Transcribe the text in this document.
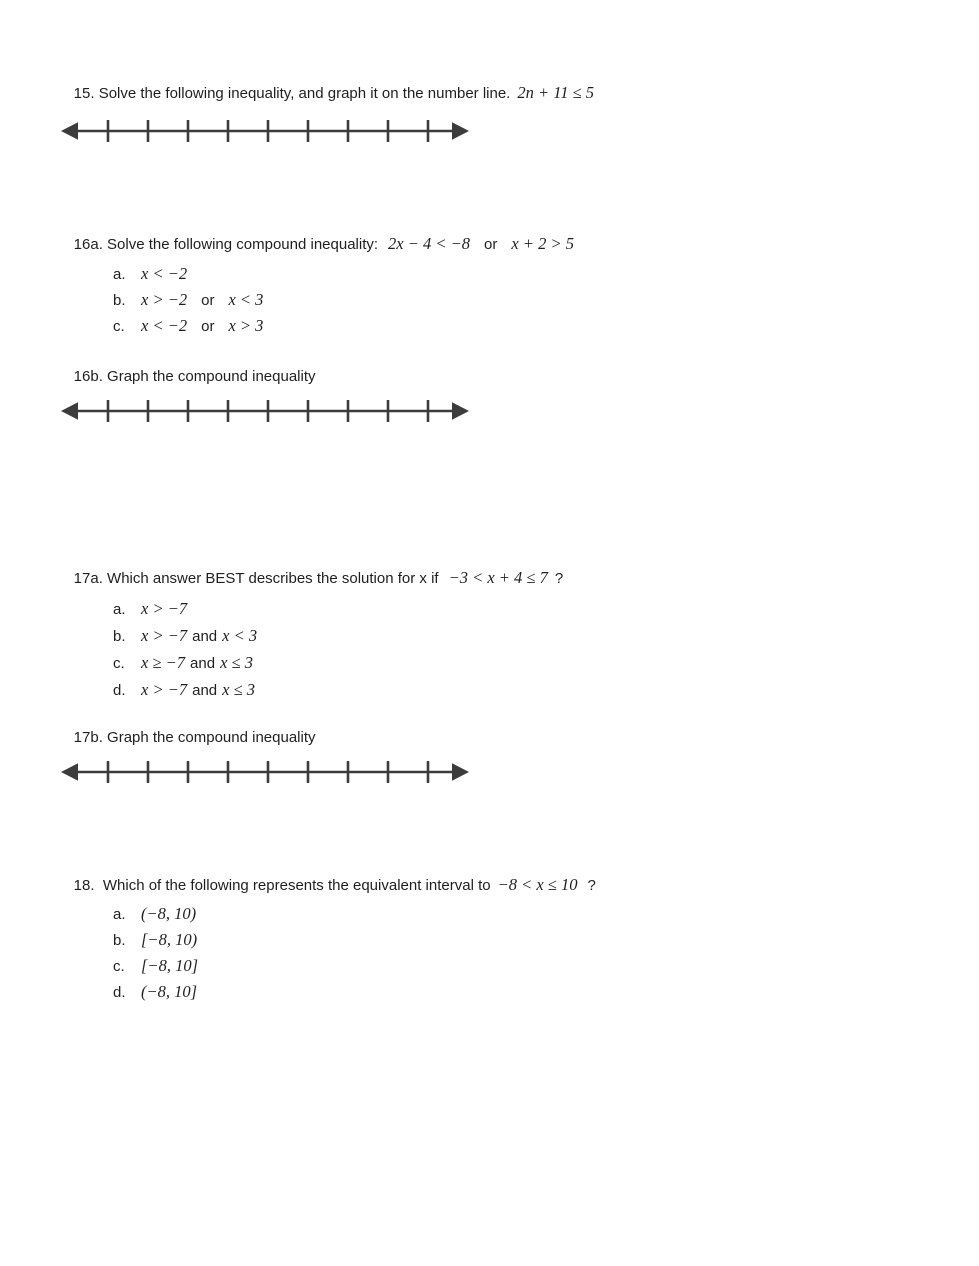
15. Solve the following inequality, and graph it on the number line. 2n + 11 ≤ 5

16a. Solve the following compound inequality: 2x − 4 < −8 or x + 2 > 5

a. x < −2

b. x > −2 or x < 3

c. x < −2 or x > 3

16b. Graph the compound inequality

17a. Which answer BEST describes the solution for x if −3 < x + 4 ≤ 7 ?

a. x > −7

b. x > −7 and x < 3

c. x ≥ −7 and x ≤ 3

d. x > −7 and x ≤ 3

17b. Graph the compound inequality

18.  Which of the following represents the equivalent interval to −8 < x ≤ 10 ?

a. (−8, 10)

b. [−8, 10)

c. [−8, 10]

d. (−8, 10]
